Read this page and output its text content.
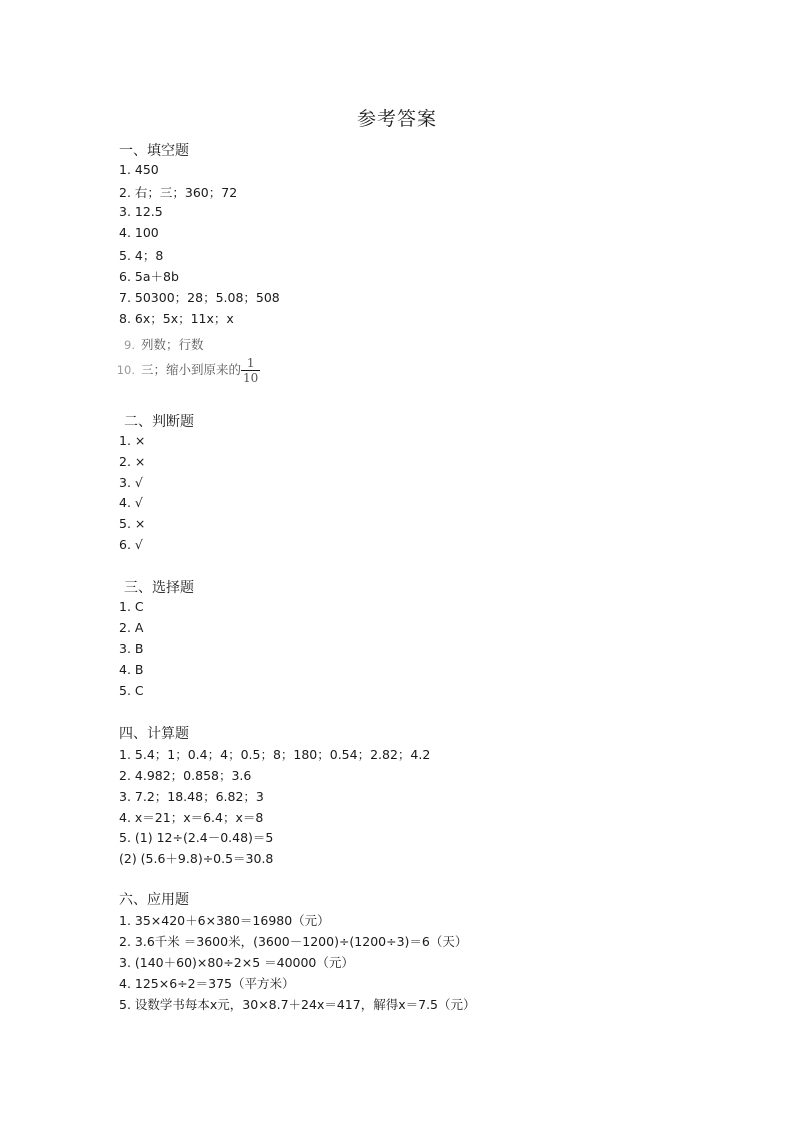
参考答案
一、填空题
1. 450
2. 右；三；360；72
3. 12.5
4. 100
5. 4；8
6. 5a＋8b
7. 50300；28；5.08；508
8. 6x；5x；11x；x
9. 列数；行数
10. 三；缩小到原来的 $\frac{1}{10}$
二、判断题
1. ×
2. ×
3. √
4. √
5. ×
6. √
三、选择题
1. C
2. A
3. B
4. B
5. C
四、计算题
1. 5.4；1；0.4；4；0.5；8；180；0.54；2.82；4.2
2. 4.982；0.858；3.6
3. 7.2；18.48；6.82；3
4. x＝21；x＝6.4；x＝8
5. (1) 12÷(2.4－0.48)＝5
(2) (5.6＋9.8)÷0.5＝30.8
六、应用题
1. 35×420＋6×380＝16980（元）
2. 3.6千米 ＝3600米，(3600－1200)÷(1200÷3)＝6（天）
3. (140＋60)×80÷2×5 ＝40000（元）
4. 125×6÷2＝375（平方米）
5. 设数学书每本x元，30×8.7＋24x＝417，解得x＝7.5（元）
